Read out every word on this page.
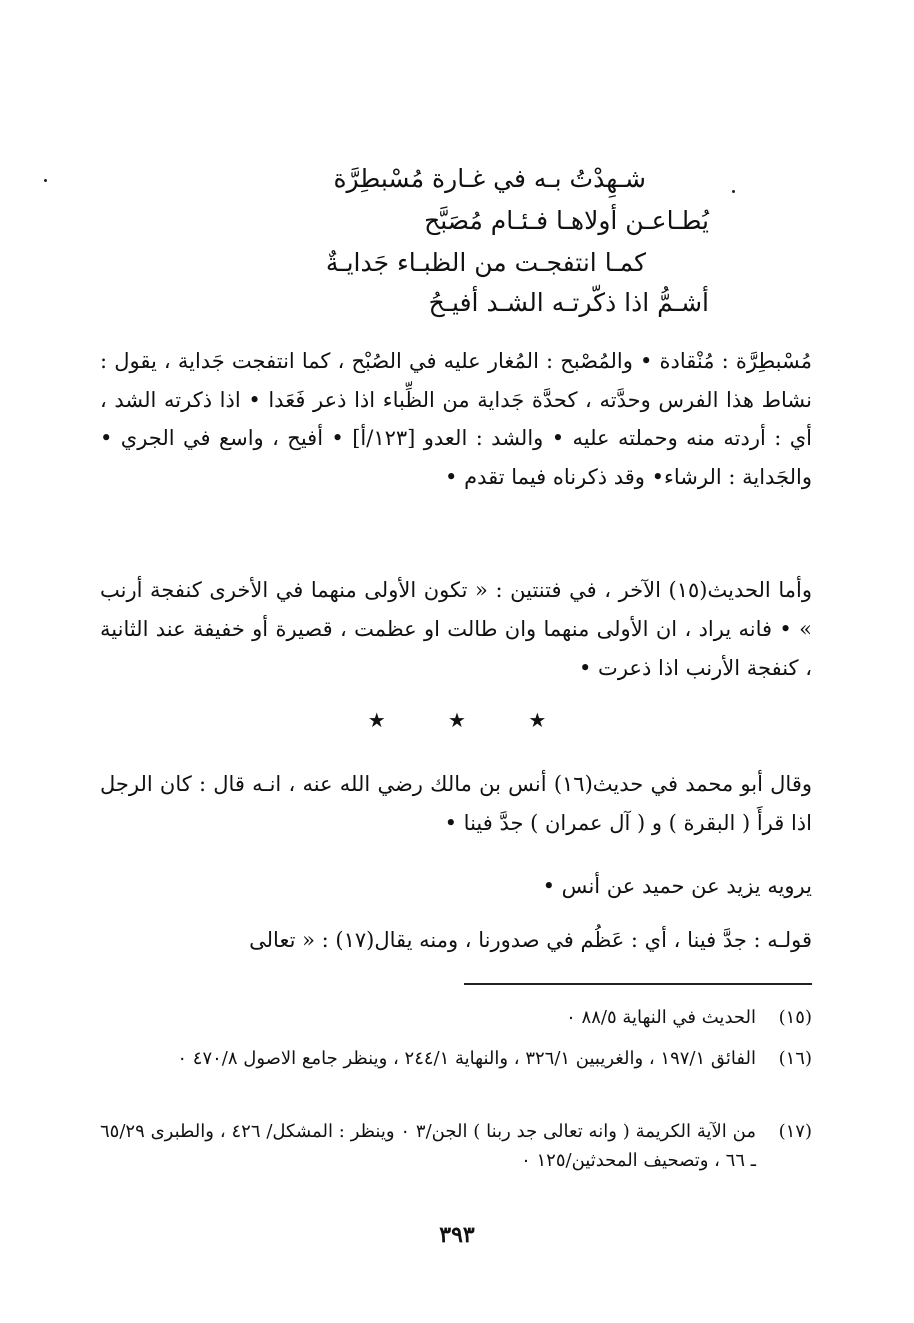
شـهِدْتُ بـه في غـارة مُسْبطِرَّة
يُطـاعـن أولاهـا فـئـام مُصَبَّح
كمـا انتفجـت من الظبـاء جَدايـةٌ
أشـمُّ اذا ذكّرتـه الشـد أفيـحُ

مُسْبطِرَّة : مُنْقادة • والمُصْبح : المُغار عليه في الصُبْح ، كما انتفجت جَداية ، يقول : نشاط هذا الفرس وحدَّته ، كحدَّة جَداية من الظِّباء اذا ذعر فَعَدا • اذا ذكرته الشد ، أي : أردته منه وحملته عليه • والشد : العدو [١٢٣/أ] • أفيح ، واسع في الجري • والجَداية : الرشاء• وقد ذكرناه فيما تقدم •

وأما الحديث(١٥) الآخر ، في فتنتين : « تكون الأولى منهما في الأخرى كنفجة أرنب » • فانه يراد ، ان الأولى منهما وان طالت او عظمت ، قصيرة أو خفيفة عند الثانية ، كنفجة الأرنب اذا ذعرت •

★	★	★

وقال أبو محمد في حديث(١٦) أنس بن مالك رضي الله عنه ، انـه قال : كان الرجل اذا قرأَ ( البقرة ) و ( آل عمران ) جدَّ فينا •

يرويه يزيد عن حميد عن أنس •

قولـه : جدَّ فينا ، أي : عَظُم في صدورنا ، ومنه يقال(١٧) : « تعالى

(١٥)
الحديث في النهاية ٨٨/٥ ٠
(١٦)
الفائق ١٩٧/١ ، والغريبين ٣٢٦/١ ، والنهاية ٢٤٤/١ ، وينظر جامع الاصول ٤٧٠/٨ ٠
(١٧)
من الآية الكريمة ( وانه تعالى جد ربنا ) الجن/٣ ٠ وينظر : المشكل/ ٤٢٦ ، والطبرى ٦٥/٢٩ ـ ٦٦ ، وتصحيف المحدثين/١٢٥ ٠
٣٩٣
